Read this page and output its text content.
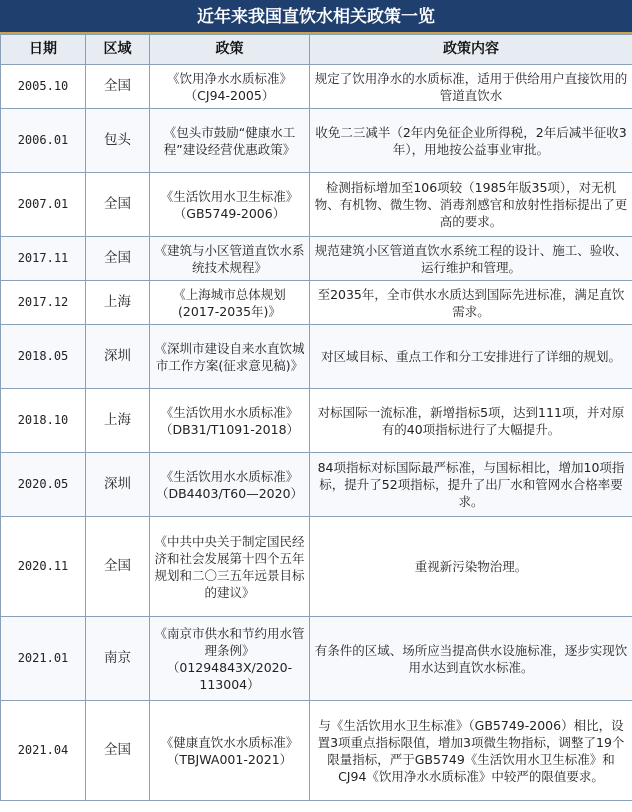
近年来我国直饮水相关政策一览
日期	区域	政策	政策内容
2005.10	全国	《饮用净水水质标准》（CJ94-2005）	规定了饮用净水的水质标准，适用于供给用户直接饮用的管道直饮水
2006.01	包头	《包头市鼓励“健康水工程”建设经营优惠政策》	收免二三减半（2年内免征企业所得税，2年后减半征收3年），用地按公益事业审批。
2007.01	全国	《生活饮用水卫生标准》（GB5749-2006）	检测指标增加至106项较（1985年版35项），对无机物、有机物、微生物、消毒剂感官和放射性指标提出了更高的要求。
2017.11	全国	《建筑与小区管道直饮水系统技术规程》	规范建筑小区管道直饮水系统工程的设计、施工、验收、运行维护和管理。
2017.12	上海	《上海城市总体规划(2017-2035年)》	至2035年，全市供水水质达到国际先进标准，满足直饮需求。
2018.05	深圳	《深圳市建设自来水直饮城市工作方案(征求意见稿)》	对区域目标、重点工作和分工安排进行了详细的规划。
2018.10	上海	《生活饮用水水质标准》（DB31/T1091-2018）	对标国际一流标准，新增指标5项，达到111项，并对原有的40项指标进行了大幅提升。
2020.05	深圳	《生活饮用水水质标准》（DB4403/T60—2020）	84项指标对标国际最严标准，与国标相比，增加10项指标，提升了52项指标，提升了出厂水和管网水合格率要求。
2020.11	全国	《中共中央关于制定国民经济和社会发展第十四个五年规划和二〇三五年远景目标的建议》	重视新污染物治理。
2021.01	南京	《南京市供水和节约用水管理条例》（01294843X/2020-113004）	有条件的区域、场所应当提高供水设施标准，逐步实现饮用水达到直饮水标准。
2021.04	全国	《健康直饮水水质标准》（TBJWA001-2021）	与《生活饮用水卫生标准》（GB5749-2006）相比，设置3项重点指标限值，增加3项微生物指标，调整了19个限量指标，严于GB5749《生活饮用水卫生标准》和CJ94《饮用净水水质标准》中较严的限值要求。
